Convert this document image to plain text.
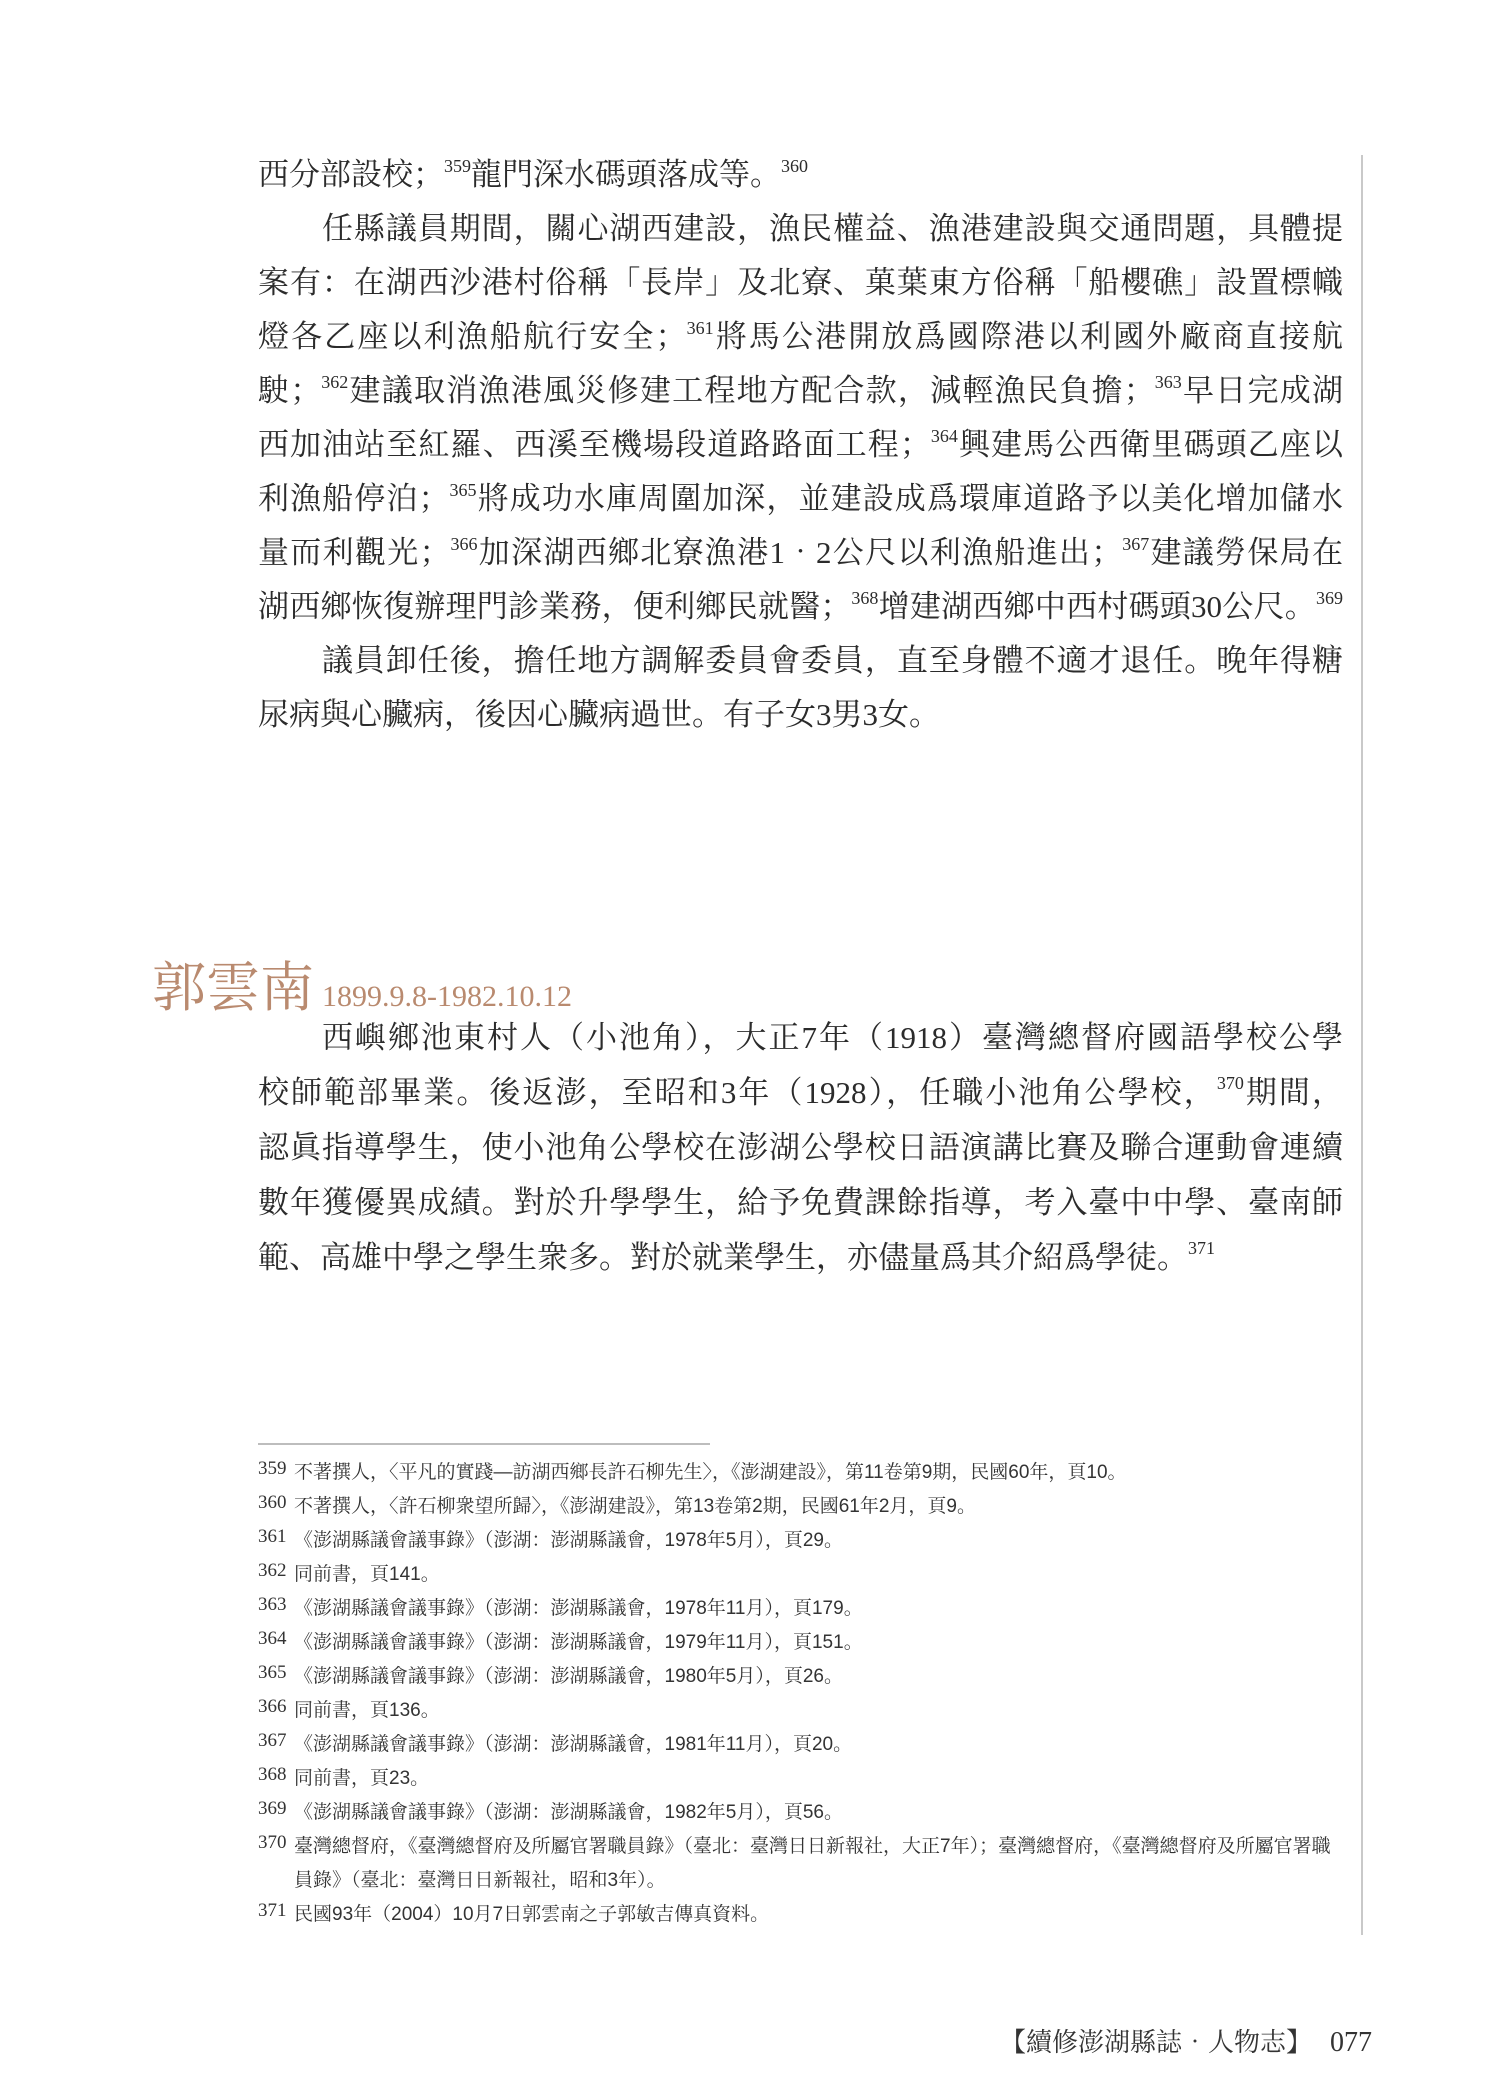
西分部設校；$^{359}$龍門深水碼頭落成等。$^{360}$
任縣議員期間，關心湖西建設，漁民權益、漁港建設與交通問題，具體提
案有：在湖西沙港村俗稱「長岸」及北寮、菓葉東方俗稱「船櫻礁」設置標幟
燈各乙座以利漁船航行安全；$^{361}$將馬公港開放爲國際港以利國外廠商直接航
駛；$^{362}$建議取消漁港風災修建工程地方配合款，減輕漁民負擔；$^{363}$早日完成湖
西加油站至紅羅、西溪至機場段道路路面工程；$^{364}$興建馬公西衛里碼頭乙座以
利漁船停泊；$^{365}$將成功水庫周圍加深，並建設成爲環庫道路予以美化增加儲水
量而利觀光；$^{366}$加深湖西鄉北寮漁港1‧2公尺以利漁船進出；$^{367}$建議勞保局在
湖西鄉恢復辦理門診業務，便利鄉民就醫；$^{368}$增建湖西鄉中西村碼頭30公尺。$^{369}$
議員卸任後，擔任地方調解委員會委員，直至身體不適才退任。晚年得糖
尿病與心臟病，後因心臟病過世。有子女3男3女。
郭雲南 1899.9.8-1982.10.12
西嶼鄉池東村人（小池角），大正7年（1918）臺灣總督府國語學校公學
校師範部畢業。後返澎，至昭和3年（1928），任職小池角公學校，$^{370}$期間，
認眞指導學生，使小池角公學校在澎湖公學校日語演講比賽及聯合運動會連續
數年獲優異成績。對於升學學生，給予免費課餘指導，考入臺中中學、臺南師
範、高雄中學之學生衆多。對於就業學生，亦儘量爲其介紹爲學徒。$^{371}$
359 不著撰人，〈平凡的實踐—訪湖西鄉長許石柳先生〉，《澎湖建設》，第11卷第9期，民國60年，頁10。
360 不著撰人，〈許石柳衆望所歸〉，《澎湖建設》，第13卷第2期，民國61年2月，頁9。
361 《澎湖縣議會議事錄》（澎湖：澎湖縣議會，1978年5月），頁29。
362 同前書，頁141。
363 《澎湖縣議會議事錄》（澎湖：澎湖縣議會，1978年11月），頁179。
364 《澎湖縣議會議事錄》（澎湖：澎湖縣議會，1979年11月），頁151。
365 《澎湖縣議會議事錄》（澎湖：澎湖縣議會，1980年5月），頁26。
366 同前書，頁136。
367 《澎湖縣議會議事錄》（澎湖：澎湖縣議會，1981年11月），頁20。
368 同前書，頁23。
369 《澎湖縣議會議事錄》（澎湖：澎湖縣議會，1982年5月），頁56。
370 臺灣總督府，《臺灣總督府及所屬官署職員錄》（臺北：臺灣日日新報社，大正7年）；臺灣總督府，《臺灣總督府及所屬官署職員錄》（臺北：臺灣日日新報社，昭和3年）。
371 民國93年（2004）10月7日郭雲南之子郭敏吉傳真資料。
【續修澎湖縣誌‧人物志】 077
